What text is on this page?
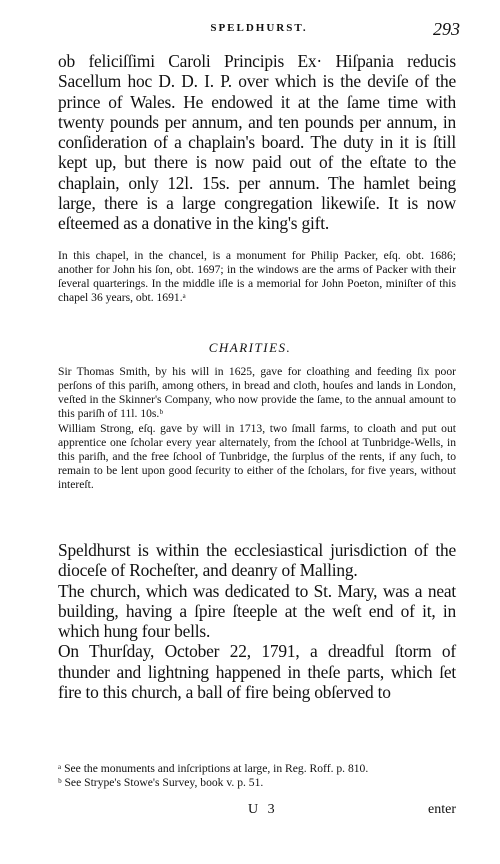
SPELDHURST.	293

ob feliciſſimi Caroli Principis Ex· Hiſpania reducis Sacellum hoc D. D. I. P. over which is the deviſe of the prince of Wales. He endowed it at the ſame time with twenty pounds per annum, and ten pounds per annum, in conſideration of a chaplain's board. The duty in it is ſtill kept up, but there is now paid out of the eſtate to the chaplain, only 12l. 15s. per annum. The hamlet being large, there is a large congregation likewiſe. It is now eſteemed as a donative in the king's gift.

In this chapel, in the chancel, is a monument for Philip Packer, eſq. obt. 1686; another for John his ſon, obt. 1697; in the windows are the arms of Packer with their ſeveral quarterings. In the middle iſle is a memorial for John Poeton, miniſter of this chapel 36 years, obt. 1691.ᵃ

CHARITIES.

Sir Thomas Smith, by his will in 1625, gave for cloathing and feeding ſix poor perſons of this pariſh, among others, in bread and cloth, houſes and lands in London, veſted in the Skinner's Company, who now provide the ſame, to the annual amount to this pariſh of 11l. 10s.ᵇ

William Strong, eſq. gave by will in 1713, two ſmall farms, to cloath and put out apprentice one ſcholar every year alternately, from the ſchool at Tunbridge-Wells, in this pariſh, and the free ſchool of Tunbridge, the ſurplus of the rents, if any ſuch, to remain to be lent upon good ſecurity to either of the ſcholars, for five years, without intereſt.

Speldhurst is within the ecclesiastical jurisdiction of the dioceſe of Rocheſter, and deanry of Malling.

The church, which was dedicated to St. Mary, was a neat building, having a ſpire ſteeple at the weſt end of it, in which hung four bells.

On Thurſday, October 22, 1791, a dreadful ſtorm of thunder and lightning happened in theſe parts, which ſet fire to this church, a ball of fire being obſerved to

ᵃ See the monuments and inſcriptions at large, in Reg. Roff. p. 810.

ᵇ See Strype's Stowe's Survey, book v. p. 51.

U 3	enter
